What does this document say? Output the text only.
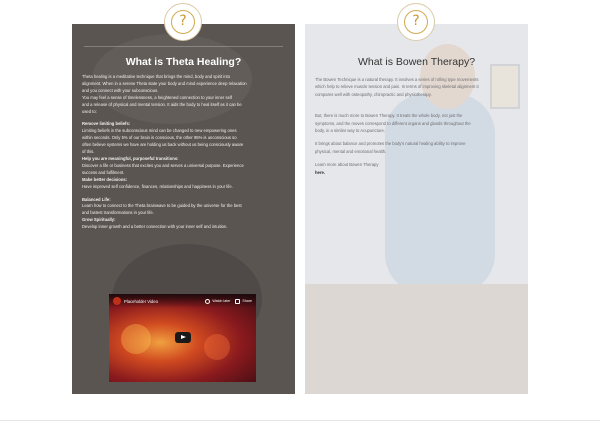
?	?
What is Theta Healing?

Theta healing is a meditative technique that brings the mind, body and spirit into

alignment. When in a serene Theta state your body and mind experience deep relaxation

and you connect with your subconscious.

You may feel a sense of timelessness, a heightened connection to your inner self

and a release of physical and mental tension. It aids the body to heal itself as it can be

used to:

Remove limiting beliefs:

Limiting beliefs in the subconscious mind can be changed to new empowering ones

within seconds. Only 5% of our brain is conscious, the other 95% is unconscious so

often believe systems we have are holding us back without us being consciously aware

of this.

Help you are meaningful, purposeful transitions:

Discover a life or business that excites you and serves a universal purpose. Experience

success and fulfilment.

Make better decisions:

Have improved self confidence, finances, relationships and happiness in your life.

Balanced Life:

Learn how to connect to the Theta brainwave to be guided by the universe for the best

and fastest transformations in your life.

Grow Spiritually:

Develop inner growth and a better connection with your inner self and intuition.

Placeholder Video	Watch later	Share
What is Bowen Therapy?

The Bowen Technique is a natural therapy. It involves a series of rolling type movements

which help to relieve muscle tension and pain. In terms of improving skeletal alignment it

compares well with osteopathy, chiropractic and physiotherapy.

But, there is much more to Bowen Therapy. It treats the whole body, not just the

symptoms, and the moves correspond to different organs and glands throughout the

body, in a similar way to Acupuncture.

It brings about balance and promotes the body's natural healing ability to improve

physical, mental and emotional health.

Learn more about Bowen Therapy

here.
